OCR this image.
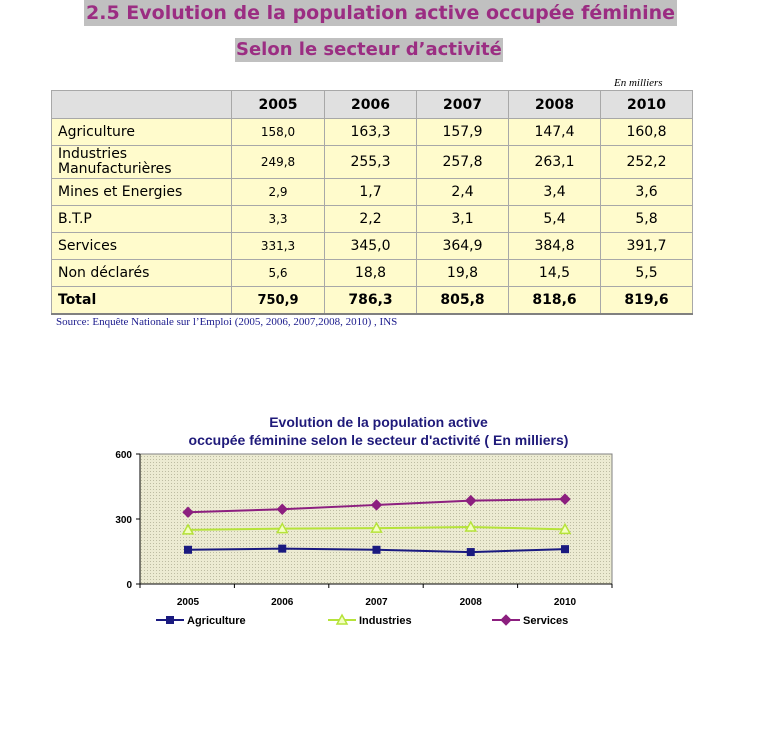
2.5 Evolution de la population active occupée féminine
Selon le secteur d’activité
En milliers
	2005	2006	2007	2008	2010
Agriculture	158,0	163,3	157,9	147,4	160,8
Industries Manufacturières	249,8	255,3	257,8	263,1	252,2
Mines et Energies	2,9	1,7	2,4	3,4	3,6
B.T.P	3,3	2,2	3,1	5,4	5,8
Services	331,3	345,0	364,9	384,8	391,7
Non déclarés	5,6	18,8	19,8	14,5	5,5
Total	750,9	786,3	805,8	818,6	819,6
Source: Enquête Nationale sur l’Emploi (2005, 2006, 2007,2008, 2010) , INS
Evolution de la population active
occupée féminine selon le secteur d'activité ( En milliers)
0
300
600
2005	2006	2007	2008	2010
Agriculture	Industries	Services
